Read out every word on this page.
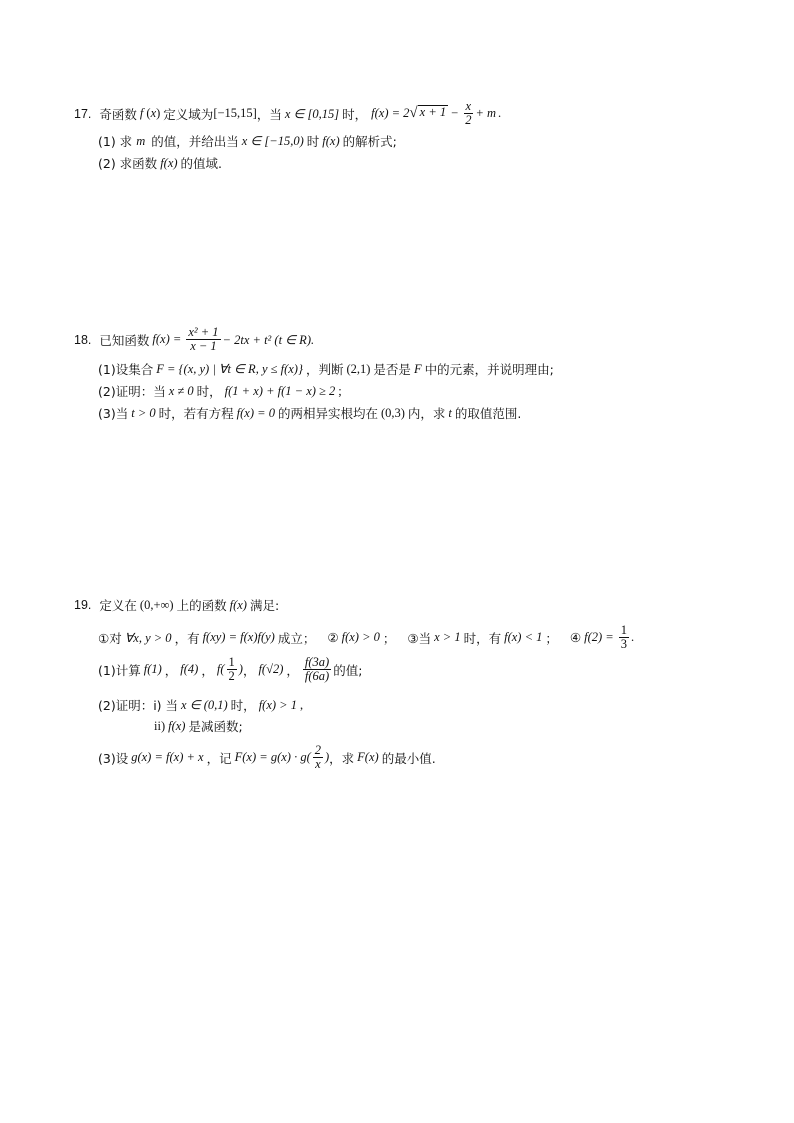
17. 奇函数 f ( x ) 定义域为 [−15,15] ，当 x ∈ [0,15] 时， f(x) = 2 √ $x + 1 - \frac{x}{2} + m$ .
(1) 求 m 的值，并给出当 x ∈ [−15,0) 时 f(x) 的解析式;
(2) 求函数 f(x) 的值域.
18. 已知函数 $f(x) = \frac{\text{x² + 1}}{x - 1} - 2tx + t^2$ (t ∈ R).
(1)设集合 F = {(x, y) | ∀t ∈ R, y ≤ f(x)} ，判断 (2,1) 是否是 F 中的元素，并说明理由;
(2)证明：当 x ≠ 0 时， f(1 + x) + f(1 − x) ≥ 2 ;
(3)当 t > 0 时，若有方程 f(x) = 0 的两相异实根均在 (0,3) 内，求 t 的取值范围.
19. 定义在 (0,+∞) 上的函数 f(x) 满足:
①对 ∀x, y > 0 ，有 f(xy) = f(x)f(y) 成立； ② f(x) > 0 ； ③当 x > 1 时，有 f(x) < 1 ； ④ $f(2) = \frac{1}{3}$ .
(1)计算 f(1) ， f(4) ， $f( \frac{1}{2}$ ) ， f(√2) ， $\frac{f(3a)}{f(6a)}$ 的值;
(2)证明：i) 当 x ∈ (0,1) 时， f(x) > 1 ,
ii) f(x) 是减函数;
(3)设 g(x) = f(x) + x ，记 $F(x) = g(x) \cdot g( \frac{2}{x}$ ) ，求 F(x) 的最小值.
